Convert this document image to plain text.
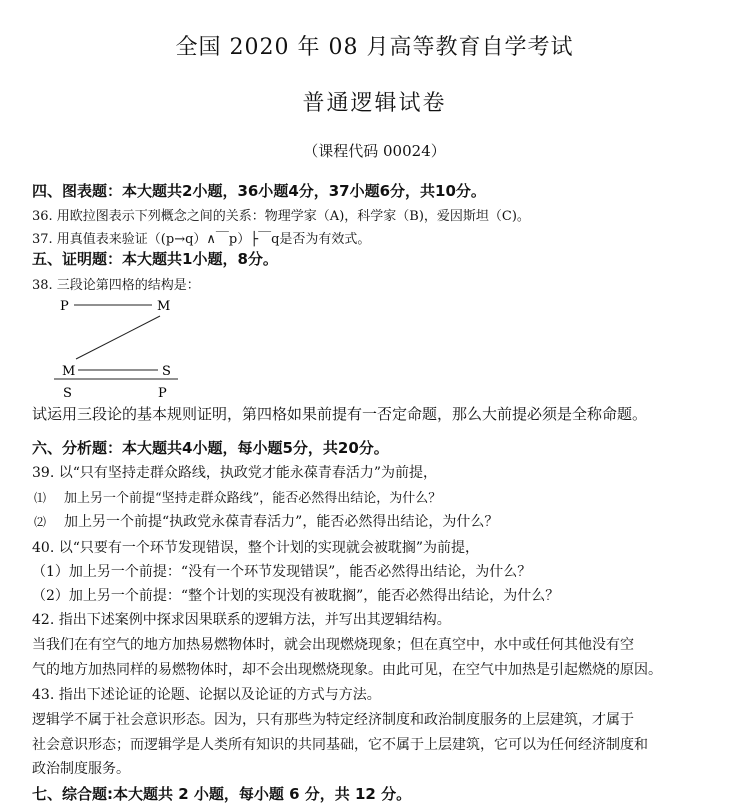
全国 2020 年 08 月高等教育自学考试
普通逻辑试卷
（课程代码 00024）
四、图表题：本大题共2小题，36小题4分，37小题6分，共10分。
36. 用欧拉图表示下列概念之间的关系：物理学家（A)，科学家（B)，爱因斯坦（C)。
37. 用真值表来验证（(p→q）∧￣p）├￣q是否为有效式。
五、证明题：本大题共1小题，8分。
38. 三段论第四格的结构是：
P	M
M	S
S	P
试运用三段论的基本规则证明，第四格如果前提有一否定命题，那么大前提必须是全称命题。
六、分析题：本大题共4小题，每小题5分，共20分。
39. 以“只有坚持走群众路线，执政党才能永葆青春活力”为前提，
⑴ 加上另一个前提“坚持走群众路线”，能否必然得出结论，为什么？
⑵ 加上另一个前提“执政党永葆青春活力”，能否必然得出结论，为什么？
40. 以“只要有一个环节发现错误，整个计划的实现就会被耽搁”为前提，
（1）加上另一个前提：“没有一个环节发现错误”，能否必然得出结论，为什么？
（2）加上另一个前提：“整个计划的实现没有被耽搁”，能否必然得出结论，为什么？
42. 指出下述案例中探求因果联系的逻辑方法，并写出其逻辑结构。
当我们在有空气的地方加热易燃物体时，就会出现燃烧现象；但在真空中，水中或任何其他没有空
气的地方加热同样的易燃物体时，却不会出现燃烧现象。由此可见，在空气中加热是引起燃烧的原因。
43. 指出下述论证的论题、论据以及论证的方式与方法。
逻辑学不属于社会意识形态。因为，只有那些为特定经济制度和政治制度服务的上层建筑，才属于
社会意识形态；而逻辑学是人类所有知识的共同基础，它不属于上层建筑，它可以为任何经济制度和
政治制度服务。
七、综合题:本大题共 2 小题，每小题 6 分，共 12 分。
